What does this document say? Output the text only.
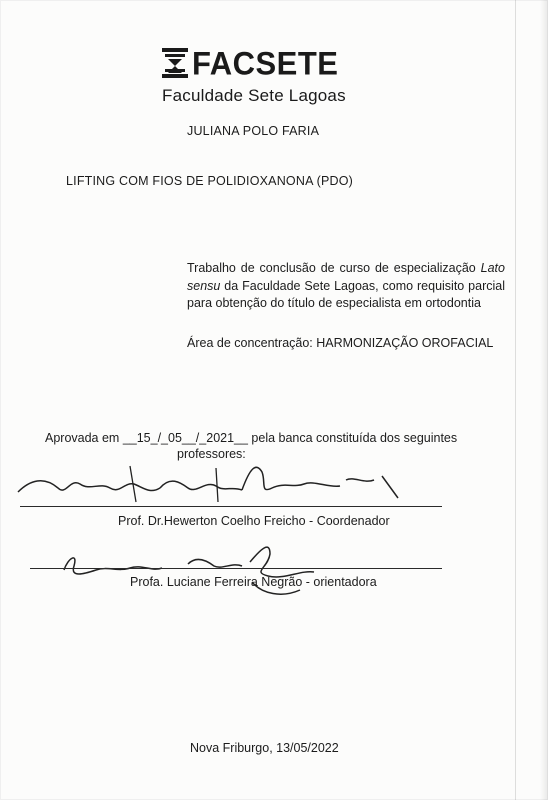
FACSETE
Faculdade Sete Lagoas
JULIANA POLO FARIA
LIFTING COM FIOS DE POLIDIOXANONA (PDO)
Trabalho de conclusão de curso de especialização Lato sensu da Faculdade Sete Lagoas, como requisito parcial para obtenção do título de especialista em ortodontia
Área de concentração: HARMONIZAÇÃO OROFACIAL
Aprovada em __15_/_05__/_2021__ pela banca constituída dos seguintes
professores:
Prof. Dr.Hewerton Coelho Freicho - Coordenador
Profa. Luciane Ferreira Negrão - orientadora
Nova Friburgo, 13/05/2022
